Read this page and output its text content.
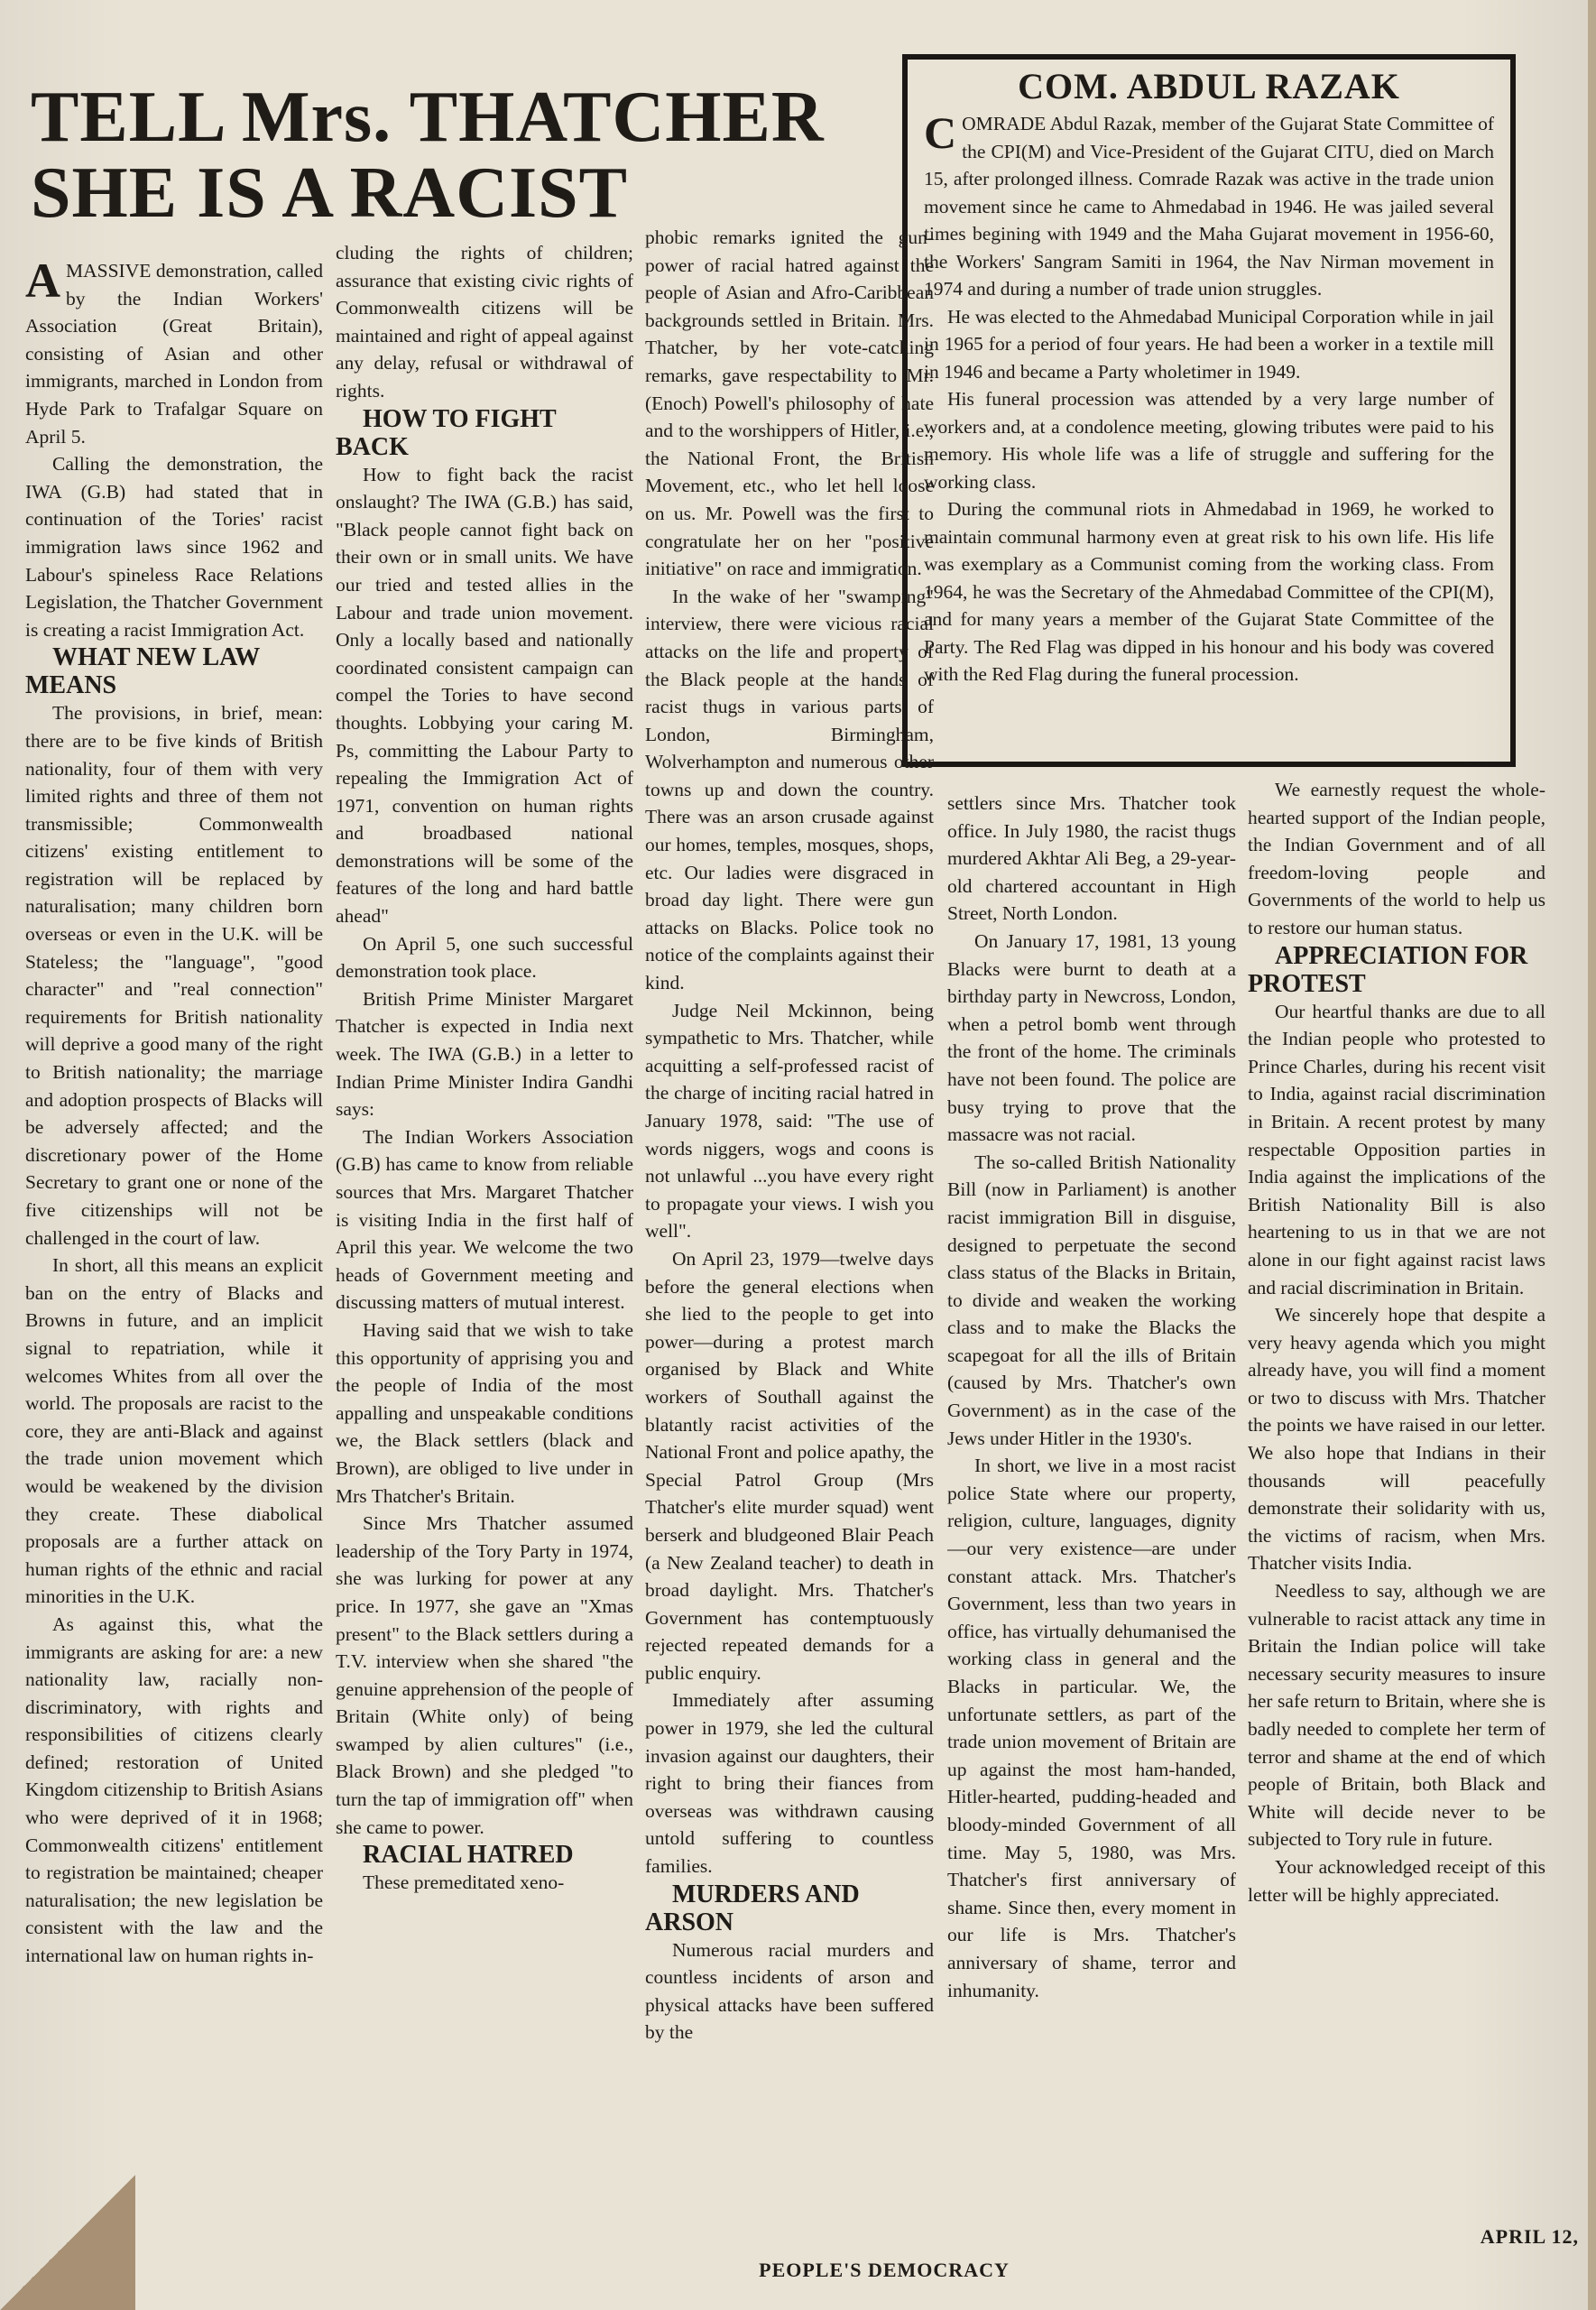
TELL Mrs. THATCHER SHE IS A RACIST
COM. ABDUL RAZAK

COMRADE Abdul Razak, member of the Gujarat State Committee of the CPI(M) and Vice-President of the Gujarat CITU, died on March 15, after prolonged illness. Comrade Razak was active in the trade union movement since he came to Ahmedabad in 1946. He was jailed several times begining with 1949 and the Maha Gujarat movement in 1956-60, the Workers' Sangram Samiti in 1964, the Nav Nirman movement in 1974 and during a number of trade union struggles.

He was elected to the Ahmedabad Municipal Corporation while in jail in 1965 for a period of four years. He had been a worker in a textile mill in 1946 and became a Party wholetimer in 1949.

His funeral procession was attended by a very large number of workers and, at a condolence meeting, glowing tributes were paid to his memory. His whole life was a life of struggle and suffering for the working class.

During the communal riots in Ahmedabad in 1969, he worked to maintain communal harmony even at great risk to his own life. His life was exemplary as a Communist coming from the working class. From 1964, he was the Secretary of the Ahmedabad Committee of the CPI(M), and for many years a member of the Gujarat State Committee of the Party. The Red Flag was dipped in his honour and his body was covered with the Red Flag during the funeral procession.

AMASSIVE demonstration, called by the Indian Workers' Association (Great Britain), consisting of Asian and other immigrants, marched in London from Hyde Park to Trafalgar Square on April 5.

Calling the demonstration, the IWA (G.B) had stated that in continuation of the Tories' racist immigration laws since 1962 and Labour's spineless Race Relations Legislation, the Thatcher Government is creating a racist Immigration Act.

WHAT NEW LAW MEANS

The provisions, in brief, mean: there are to be five kinds of British nationality, four of them with very limited rights and three of them not transmissible; Commonwealth citizens' existing entitlement to registration will be replaced by naturalisation; many children born overseas or even in the U.K. will be Stateless; the "language", "good character" and "real connection" requirements for British nationality will deprive a good many of the right to British nationality; the marriage and adoption prospects of Blacks will be adversely affected; and the discretionary power of the Home Secretary to grant one or none of the five citizenships will not be challenged in the court of law.

In short, all this means an explicit ban on the entry of Blacks and Browns in future, and an implicit signal to repatriation, while it welcomes Whites from all over the world. The proposals are racist to the core, they are anti-Black and against the trade union movement which would be weakened by the division they create. These diabolical proposals are a further attack on human rights of the ethnic and racial minorities in the U.K.

As against this, what the immigrants are asking for are: a new nationality law, racially non-discriminatory, with rights and responsibilities of citizens clearly defined; restoration of United Kingdom citizenship to British Asians who were deprived of it in 1968; Commonwealth citizens' entitlement to registration be maintained; cheaper naturalisation; the new legislation be consistent with the law and the international law on human rights in-

cluding the rights of children; assurance that existing civic rights of Commonwealth citizens will be maintained and right of appeal against any delay, refusal or withdrawal of rights.

HOW TO FIGHT BACK

How to fight back the racist onslaught? The IWA (G.B.) has said, "Black people cannot fight back on their own or in small units. We have our tried and tested allies in the Labour and trade union movement. Only a locally based and nationally coordinated consistent campaign can compel the Tories to have second thoughts. Lobbying your caring M. Ps, committing the Labour Party to repealing the Immigration Act of 1971, convention on human rights and broadbased national demonstrations will be some of the features of the long and hard battle ahead"

On April 5, one such successful demonstration took place.

British Prime Minister Margaret Thatcher is expected in India next week. The IWA (G.B.) in a letter to Indian Prime Minister Indira Gandhi says:

The Indian Workers Association (G.B) has came to know from reliable sources that Mrs. Margaret Thatcher is visiting India in the first half of April this year. We welcome the two heads of Government meeting and discussing matters of mutual interest.

Having said that we wish to take this opportunity of apprising you and the people of India of the most appalling and unspeakable conditions we, the Black settlers (black and Brown), are obliged to live under in Mrs Thatcher's Britain.

Since Mrs Thatcher assumed leadership of the Tory Party in 1974, she was lurking for power at any price. In 1977, she gave an "Xmas present" to the Black settlers during a T.V. interview when she shared "the genuine apprehension of the people of Britain (White only) of being swamped by alien cultures" (i.e., Black Brown) and she pledged "to turn the tap of immigration off" when she came to power.

RACIAL HATRED

These premeditated xeno-

phobic remarks ignited the gun-power of racial hatred against the people of Asian and Afro-Caribbean backgrounds settled in Britain. Mrs. Thatcher, by her vote-catching remarks, gave respectability to Mr. (Enoch) Powell's philosophy of hate and to the worshippers of Hitler, i.e., the National Front, the British Movement, etc., who let hell loose on us. Mr. Powell was the first to congratulate her on her "positive initiative" on race and immigration.

In the wake of her "swamping" interview, there were vicious racial attacks on the life and property of the Black people at the hands of racist thugs in various parts of London, Birmingham, Wolverhampton and numerous other towns up and down the country. There was an arson crusade against our homes, temples, mosques, shops, etc. Our ladies were disgraced in broad day light. There were gun attacks on Blacks. Police took no notice of the complaints against their kind.

Judge Neil Mckinnon, being sympathetic to Mrs. Thatcher, while acquitting a self-professed racist of the charge of inciting racial hatred in January 1978, said: "The use of words niggers, wogs and coons is not unlawful ...you have every right to propagate your views. I wish you well".

On April 23, 1979—twelve days before the general elections when she lied to the people to get into power—during a protest march organised by Black and White workers of Southall against the blatantly racist activities of the National Front and police apathy, the Special Patrol Group (Mrs Thatcher's elite murder squad) went berserk and bludgeoned Blair Peach (a New Zealand teacher) to death in broad daylight. Mrs. Thatcher's Government has contemptuously rejected repeated demands for a public enquiry.

Immediately after assuming power in 1979, she led the cultural invasion against our daughters, their right to bring their fiances from overseas was withdrawn causing untold suffering to countless families.

MURDERS AND ARSON

Numerous racial murders and countless incidents of arson and physical attacks have been suffered by the

settlers since Mrs. Thatcher took office. In July 1980, the racist thugs murdered Akhtar Ali Beg, a 29-year-old chartered accountant in High Street, North London.

On January 17, 1981, 13 young Blacks were burnt to death at a birthday party in Newcross, London, when a petrol bomb went through the front of the home. The criminals have not been found. The police are busy trying to prove that the massacre was not racial.

The so-called British Nationality Bill (now in Parliament) is another racist immigration Bill in disguise, designed to perpetuate the second class status of the Blacks in Britain, to divide and weaken the working class and to make the Blacks the scapegoat for all the ills of Britain (caused by Mrs. Thatcher's own Government) as in the case of the Jews under Hitler in the 1930's.

In short, we live in a most racist police State where our property, religion, culture, languages, dignity—our very existence—are under constant attack. Mrs. Thatcher's Government, less than two years in office, has virtually dehumanised the working class in general and the Blacks in particular. We, the unfortunate settlers, as part of the trade union movement of Britain are up against the most ham-handed, Hitler-hearted, pudding-headed and bloody-minded Government of all time. May 5, 1980, was Mrs. Thatcher's first anniversary of shame. Since then, every moment in our life is Mrs. Thatcher's anniversary of shame, terror and inhumanity.

We earnestly request the whole-hearted support of the Indian people, the Indian Government and of all freedom-loving people and Governments of the world to help us to restore our human status.

APPRECIATION FOR PROTEST

Our heartful thanks are due to all the Indian people who protested to Prince Charles, during his recent visit to India, against racial discrimination in Britain. A recent protest by many respectable Opposition parties in India against the implications of the British Nationality Bill is also heartening to us in that we are not alone in our fight against racist laws and racial discrimination in Britain.

We sincerely hope that despite a very heavy agenda which you might already have, you will find a moment or two to discuss with Mrs. Thatcher the points we have raised in our letter. We also hope that Indians in their thousands will peacefully demonstrate their solidarity with us, the victims of racism, when Mrs. Thatcher visits India.

Needless to say, although we are vulnerable to racist attack any time in Britain the Indian police will take necessary security measures to insure her safe return to Britain, where she is badly needed to complete her term of terror and shame at the end of which people of Britain, both Black and White will decide never to be subjected to Tory rule in future.

Your acknowledged receipt of this letter will be highly appreciated.

PEOPLE'S DEMOCRACY
APRIL 12,
